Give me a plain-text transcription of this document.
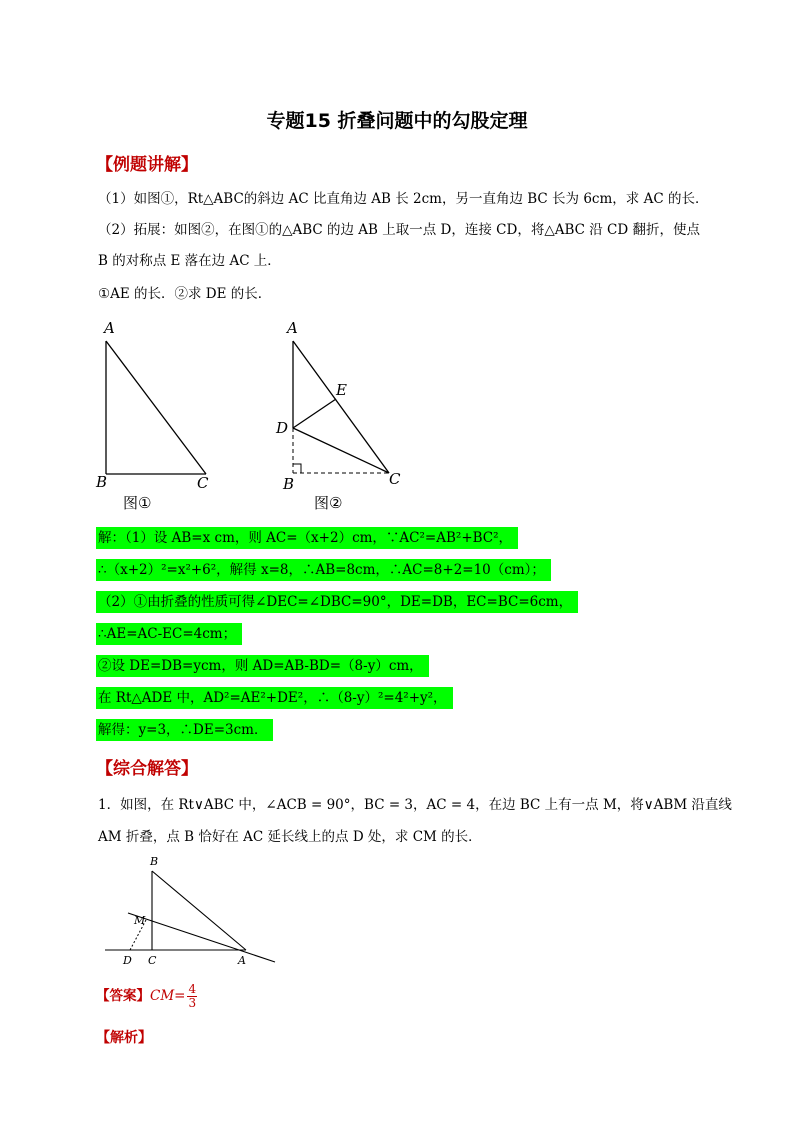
专题15 折叠问题中的勾股定理
【例题讲解】
（1）如图①，Rt△ABC的斜边 AC 比直角边 AB 长 2cm，另一直角边 BC 长为 6cm，求 AC 的长．
（2）拓展：如图②，在图①的△ABC 的边 AB 上取一点 D，连接 CD，将△ABC 沿 CD 翻折，使点
B 的对称点 E 落在边 AC 上．
①AE 的长．②求 DE 的长．
A
B	C
图①
A
E
D
B	C
图②
解：（1）设 AB=x cm，则 AC=（x+2）cm，∵AC²=AB²+BC²，
∴（x+2）²=x²+6²，解得 x=8，∴AB=8cm，∴AC=8+2=10（cm）；
（2）①由折叠的性质可得∠DEC=∠DBC=90°，DE=DB，EC=BC=6cm，
∴AE=AC-EC=4cm；
②设 DE=DB=ycm，则 AD=AB-BD=（8-y）cm，
在 Rt△ADE 中，AD²=AE²+DE²，∴（8-y）²=4²+y²，
解得：y=3，∴DE=3cm．
【综合解答】
1．如图，在 Rt∨ABC 中，∠ACB = 90°，BC = 3，AC = 4，在边 BC 上有一点 M，将∨ABM 沿直线
AM 折叠，点 B 恰好在 AC 延长线上的点 D 处，求 CM 的长．
B
M
D C	A
【答案】$CM= \frac{4}{3}$
【解析】
